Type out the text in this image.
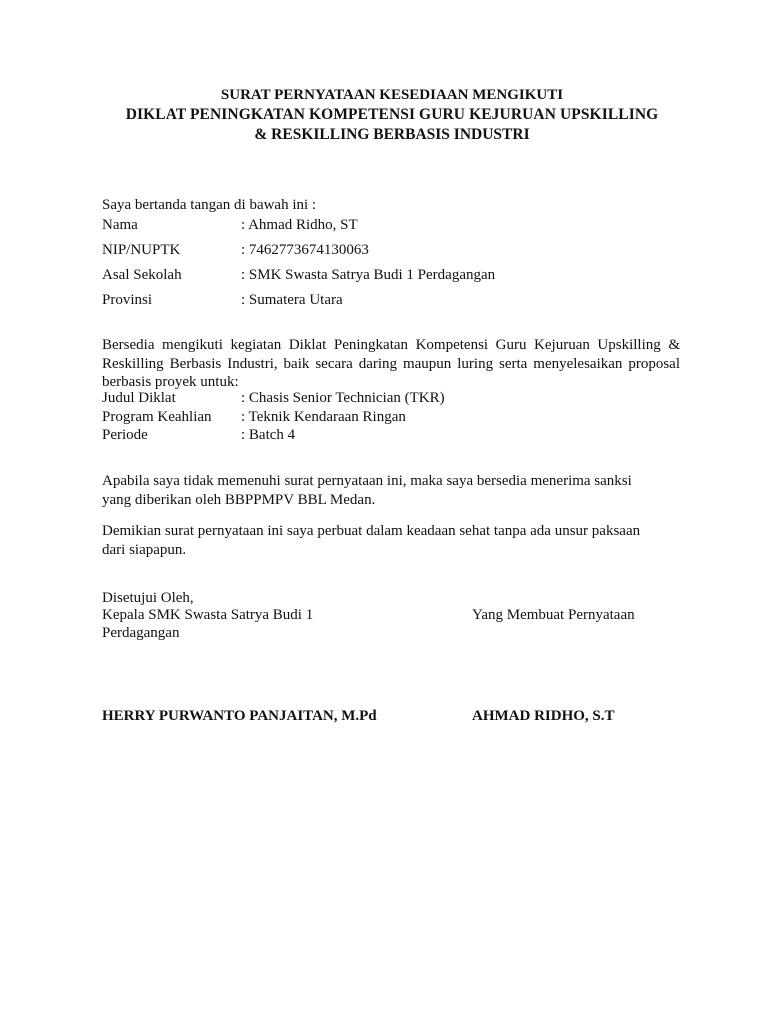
SURAT PERNYATAAN KESEDIAAN MENGIKUTI
DIKLAT PENINGKATAN KOMPETENSI GURU KEJURUAN UPSKILLING
& RESKILLING BERBASIS INDUSTRI
Saya bertanda tangan di bawah ini :
Nama	: Ahmad Ridho, ST
NIP/NUPTK	: 7462773674130063
Asal Sekolah	: SMK Swasta Satrya Budi 1 Perdagangan
Provinsi	: Sumatera Utara
Bersedia mengikuti kegiatan Diklat Peningkatan Kompetensi Guru Kejuruan Upskilling & Reskilling Berbasis Industri, baik secara daring maupun luring serta menyelesaikan proposal berbasis proyek untuk:
Judul Diklat	: Chasis Senior Technician (TKR)
Program Keahlian : Teknik Kendaraan Ringan
Periode	: Batch 4
Apabila saya tidak memenuhi surat pernyataan ini, maka saya bersedia menerima sanksi yang diberikan oleh BBPPMPV BBL Medan.
Demikian surat pernyataan ini saya perbuat dalam keadaan sehat tanpa ada unsur paksaan dari siapapun.
Disetujui Oleh,
Kepala SMK Swasta Satrya Budi 1
Perdagangan
Yang Membuat Pernyataan
HERRY PURWANTO PANJAITAN, M.Pd	AHMAD RIDHO, S.T
